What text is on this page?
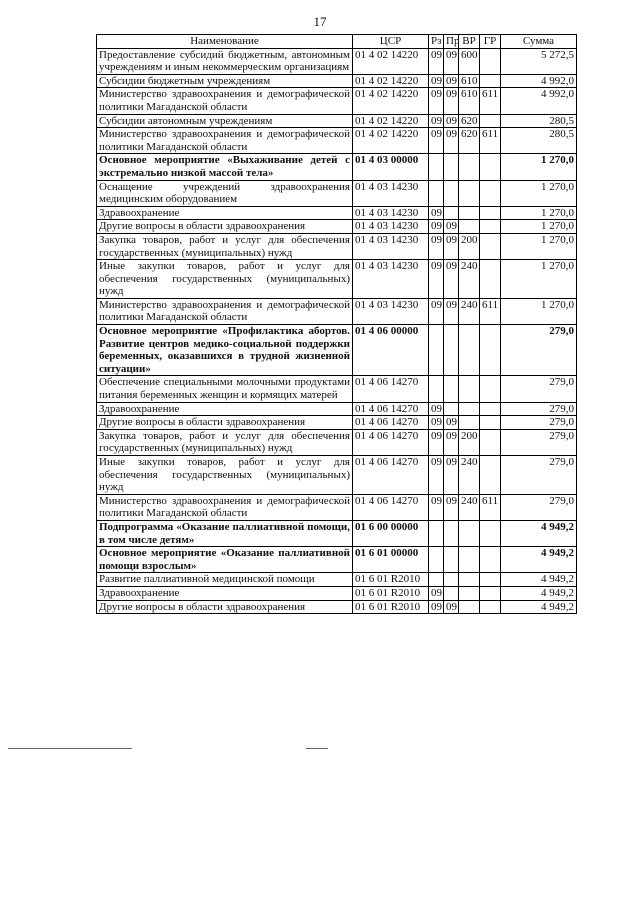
17
Наименование	ЦСР	Рз	Пр	ВР	ГР	Сумма
Предоставление субсидий бюджетным, автономным учреждениям и иным некоммерческим организациям	01 4 02 14220	09	09	600		5 272,5
Субсидии бюджетным учреждениям	01 4 02 14220	09	09	610		4 992,0
Министерство здравоохранения и демографической политики Магаданской области	01 4 02 14220	09	09	610	611	4 992,0
Субсидии автономным учреждениям	01 4 02 14220	09	09	620		280,5
Министерство здравоохранения и демографической политики Магаданской области	01 4 02 14220	09	09	620	611	280,5
Основное мероприятие «Выхаживание детей с экстремально низкой массой тела»	01 4 03 00000					1 270,0
Оснащение учреждений здравоохранения медицинским оборудованием	01 4 03 14230					1 270,0
Здравоохранение	01 4 03 14230	09				1 270,0
Другие вопросы в области здравоохранения	01 4 03 14230	09	09			1 270,0
Закупка товаров, работ и услуг для обеспечения государственных (муниципальных) нужд	01 4 03 14230	09	09	200		1 270,0
Иные закупки товаров, работ и услуг для обеспечения государственных (муниципальных) нужд	01 4 03 14230	09	09	240		1 270,0
Министерство здравоохранения и демографической политики Магаданской области	01 4 03 14230	09	09	240	611	1 270,0
Основное мероприятие «Профилактика абортов. Развитие центров медико-социальной поддержки беременных, оказавшихся в трудной жизненной ситуации»	01 4 06 00000					279,0
Обеспечение специальными молочными продуктами питания беременных женщин и кормящих матерей	01 4 06 14270					279,0
Здравоохранение	01 4 06 14270	09				279,0
Другие вопросы в области здравоохранения	01 4 06 14270	09	09			279,0
Закупка товаров, работ и услуг для обеспечения государственных (муниципальных) нужд	01 4 06 14270	09	09	200		279,0
Иные закупки товаров, работ и услуг для обеспечения государственных (муниципальных) нужд	01 4 06 14270	09	09	240		279,0
Министерство здравоохранения и демографической политики Магаданской области	01 4 06 14270	09	09	240	611	279,0
Подпрограмма «Оказание паллиативной помощи, в том числе детям»	01 6 00 00000					4 949,2
Основное мероприятие «Оказание паллиативной помощи взрослым»	01 6 01 00000					4 949,2
Развитие паллиативной медицинской помощи	01 6 01 R2010					4 949,2
Здравоохранение	01 6 01 R2010	09				4 949,2
Другие вопросы в области здравоохранения	01 6 01 R2010	09	09			4 949,2
